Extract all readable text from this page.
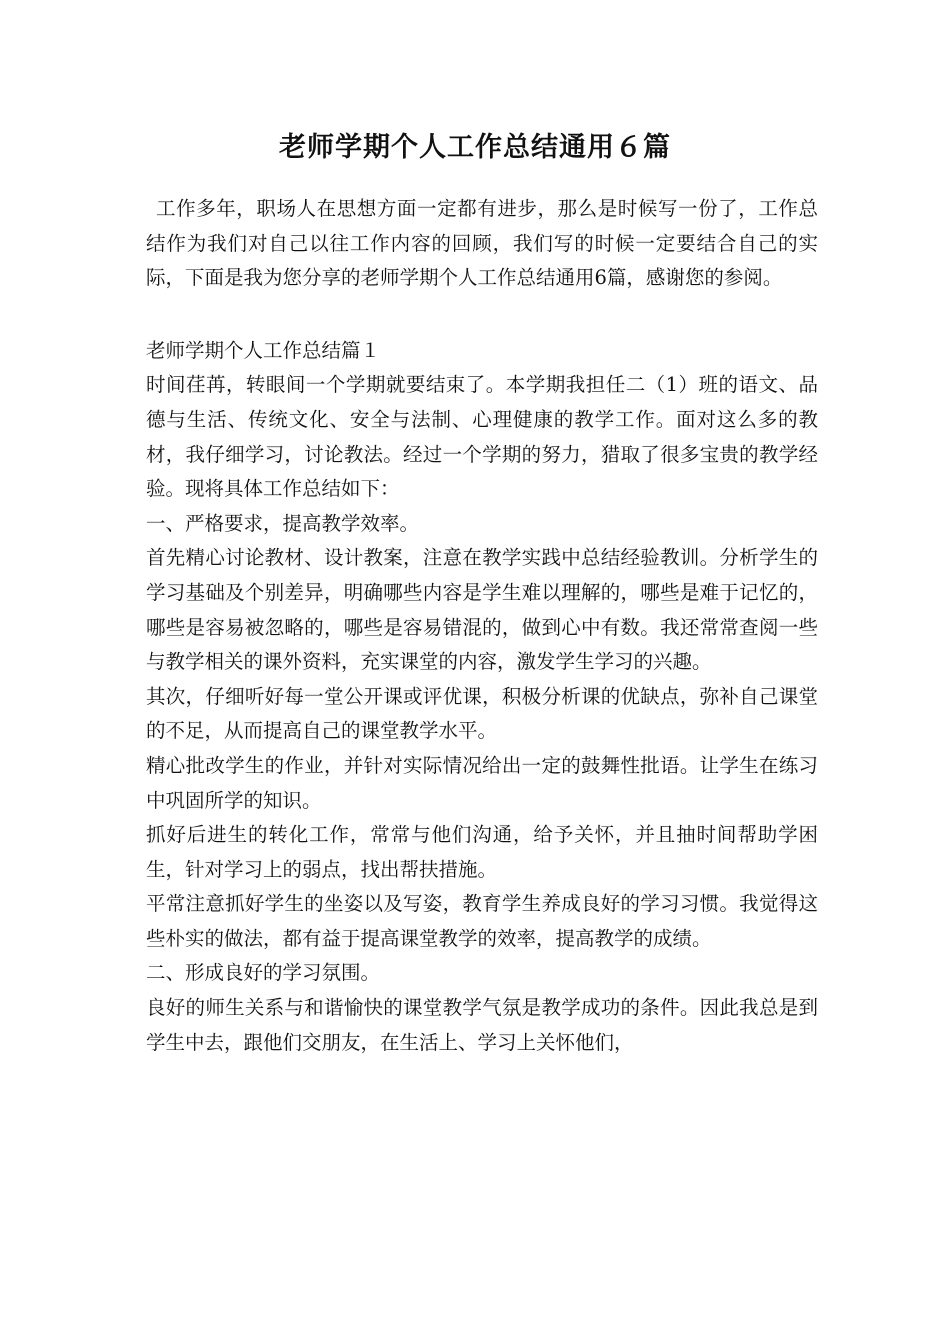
老师学期个人工作总结通用６篇

工作多年，职场人在思想方面一定都有进步，那么是时候写一份了，工作总结作为我们对自己以往工作内容的回顾，我们写的时候一定要结合自己的实际，下面是我为您分享的老师学期个人工作总结通用6篇，感谢您的参阅。

老师学期个人工作总结篇１

时间荏苒，转眼间一个学期就要结束了。本学期我担任二（1）班的语文、品德与生活、传统文化、安全与法制、心理健康的教学工作。面对这么多的教材，我仔细学习，讨论教法。经过一个学期的努力，猎取了很多宝贵的教学经验。现将具体工作总结如下：

一、严格要求，提高教学效率。

首先精心讨论教材、设计教案，注意在教学实践中总结经验教训。分析学生的学习基础及个别差异，明确哪些内容是学生难以理解的，哪些是难于记忆的，哪些是容易被忽略的，哪些是容易错混的，做到心中有数。我还常常查阅一些与教学相关的课外资料，充实课堂的内容，激发学生学习的兴趣。

其次，仔细听好每一堂公开课或评优课，积极分析课的优缺点，弥补自己课堂的不足，从而提高自己的课堂教学水平。

精心批改学生的作业，并针对实际情况给出一定的鼓舞性批语。让学生在练习中巩固所学的知识。

抓好后进生的转化工作，常常与他们沟通，给予关怀，并且抽时间帮助学困生，针对学习上的弱点，找出帮扶措施。

平常注意抓好学生的坐姿以及写姿，教育学生养成良好的学习习惯。我觉得这些朴实的做法，都有益于提高课堂教学的效率，提高教学的成绩。

二、形成良好的学习氛围。

良好的师生关系与和谐愉快的课堂教学气氛是教学成功的条件。因此我总是到学生中去，跟他们交朋友，在生活上、学习上关怀他们，
